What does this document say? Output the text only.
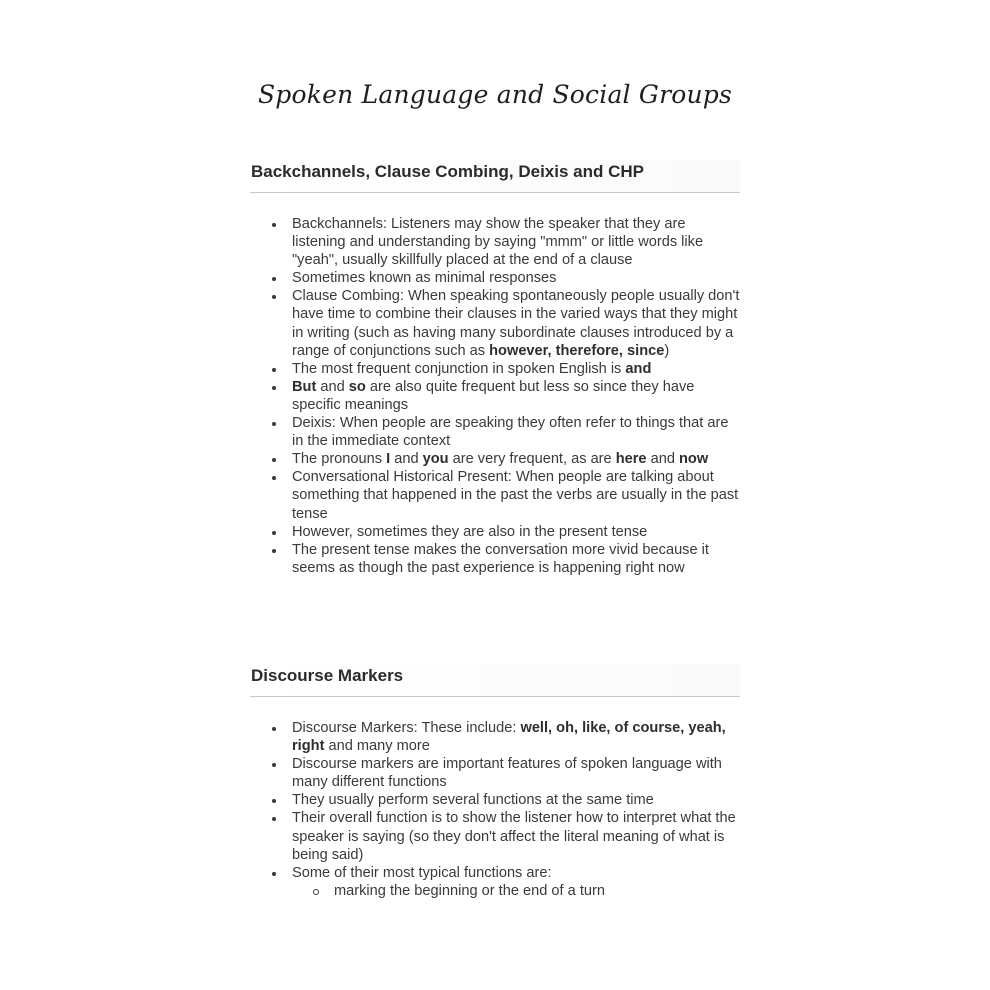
Spoken Language and Social Groups
Backchannels, Clause Combing, Deixis and CHP
Backchannels: Listeners may show the speaker that they are listening and understanding by saying "mmm" or little words like "yeah", usually skillfully placed at the end of a clause
Sometimes known as minimal responses
Clause Combing: When speaking spontaneously people usually don't have time to combine their clauses in the varied ways that they might in writing (such as having many subordinate clauses introduced by a range of conjunctions such as however, therefore, since)
The most frequent conjunction in spoken English is and
But and so are also quite frequent but less so since they have specific meanings
Deixis: When people are speaking they often refer to things that are in the immediate context
The pronouns I and you are very frequent, as are here and now
Conversational Historical Present: When people are talking about something that happened in the past the verbs are usually in the past tense
However, sometimes they are also in the present tense
The present tense makes the conversation more vivid because it seems as though the past experience is happening right now
Discourse Markers
Discourse Markers: These include: well, oh, like, of course, yeah, right and many more
Discourse markers are important features of spoken language with many different functions
They usually perform several functions at the same time
Their overall function is to show the listener how to interpret what the speaker is saying (so they don't affect the literal meaning of what is being said)
Some of their most typical functions are:
marking the beginning or the end of a turn
